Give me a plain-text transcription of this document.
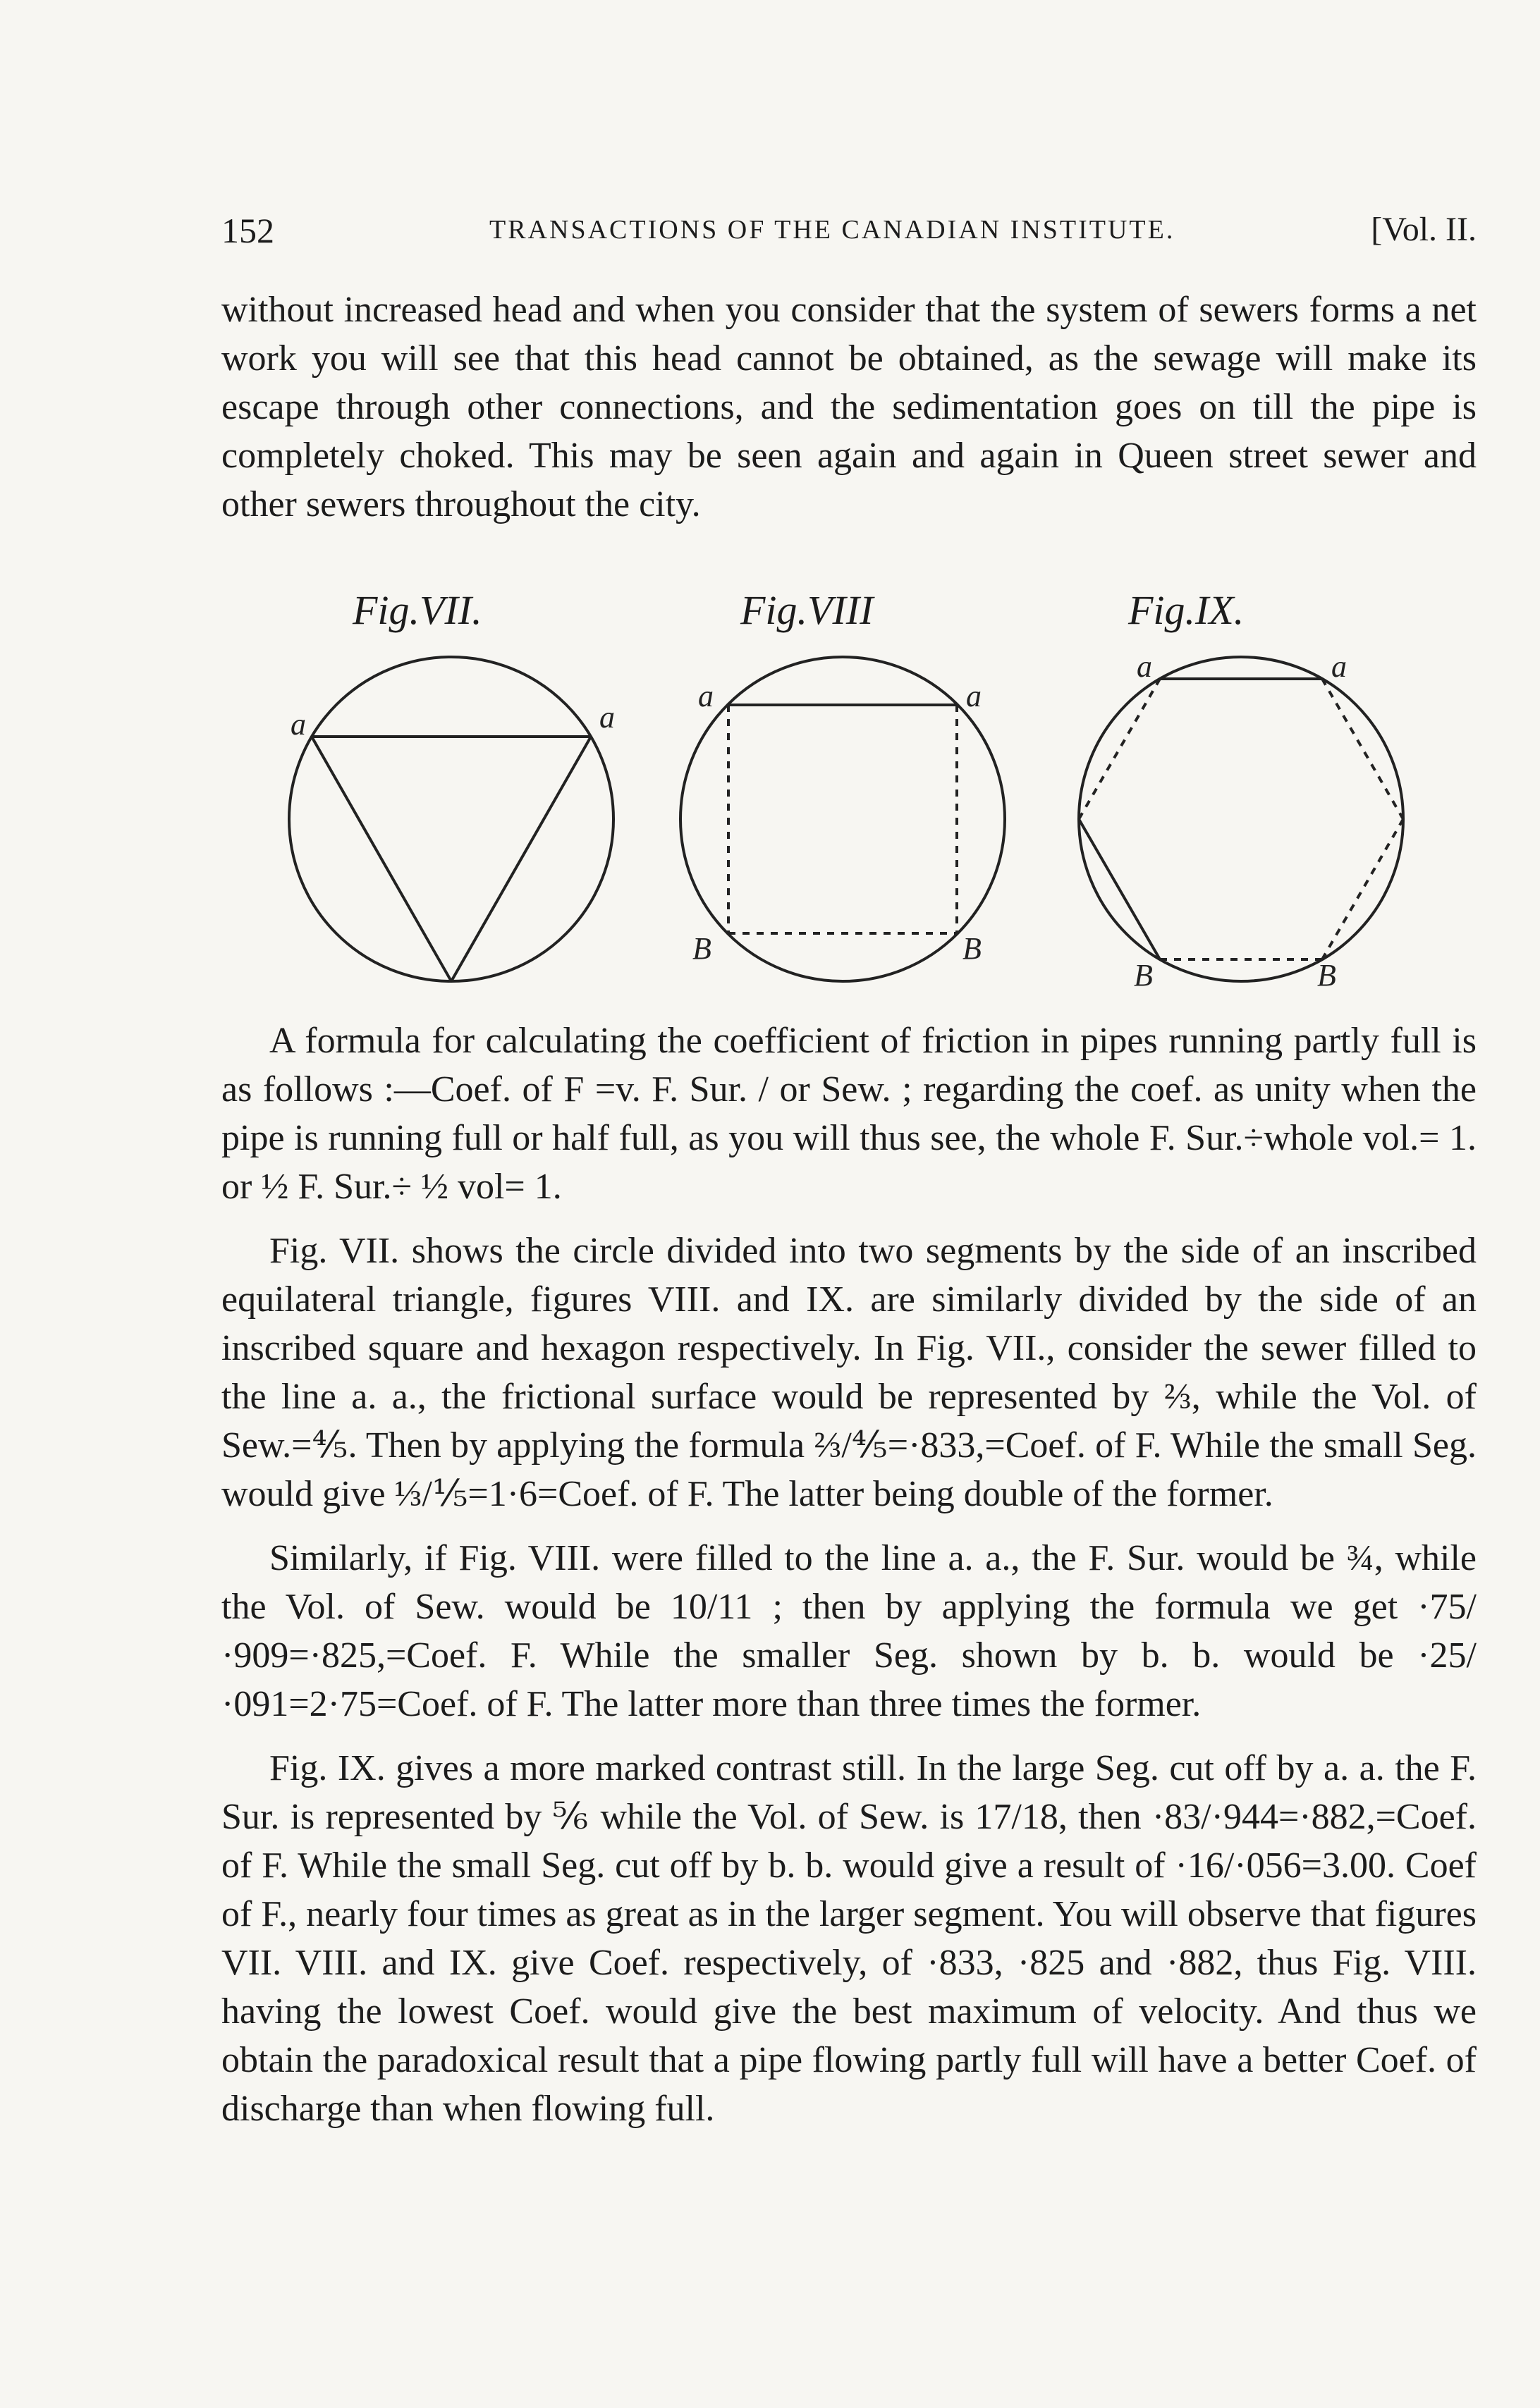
152	TRANSACTIONS OF THE CANADIAN INSTITUTE.	[Vol. II.

without increased head and when you consider that the system of sewers forms a net work you will see that this head cannot be obtained, as the sewage will make its escape through other connections, and the sedimentation goes on till the pipe is completely choked. This may be seen again and again in Queen street sewer and other sewers throughout the city.

Fig.VII.	Fig.VIII	Fig.IX.
a	a
a	a
B	B
a	a
B	B

A formula for calculating the coefficient of friction in pipes running partly full is as follows :—Coef. of F =v. F. Sur. / or Sew. ; regarding the coef. as unity when the pipe is running full or half full, as you will thus see, the whole F. Sur.÷whole vol.= 1. or ½ F. Sur.÷ ½ vol= 1.

Fig. VII. shows the circle divided into two segments by the side of an inscribed equilateral triangle, figures VIII. and IX. are similarly divided by the side of an inscribed square and hexagon respectively. In Fig. VII., consider the sewer filled to the line a. a., the frictional surface would be represented by ⅔, while the Vol. of Sew.=⅘. Then by applying the formula ⅔/⅘=·833,=Coef. of F. While the small Seg. would give ⅓/⅕=1·6=Coef. of F. The latter being double of the former.

Similarly, if Fig. VIII. were filled to the line a. a., the F. Sur. would be ¾, while the Vol. of Sew. would be 10/11 ; then by applying the formula we get ·75/·909=·825,=Coef. F. While the smaller Seg. shown by b. b. would be ·25/·091=2·75=Coef. of F. The latter more than three times the former.

Fig. IX. gives a more marked contrast still. In the large Seg. cut off by a. a. the F. Sur. is represented by ⅚ while the Vol. of Sew. is 17/18, then ·83/·944=·882,=Coef. of F. While the small Seg. cut off by b. b. would give a result of ·16/·056=3.00. Coef of F., nearly four times as great as in the larger segment. You will observe that figures VII. VIII. and IX. give Coef. respectively, of ·833, ·825 and ·882, thus Fig. VIII. having the lowest Coef. would give the best maximum of velocity. And thus we obtain the paradoxical result that a pipe flowing partly full will have a better Coef. of discharge than when flowing full.
